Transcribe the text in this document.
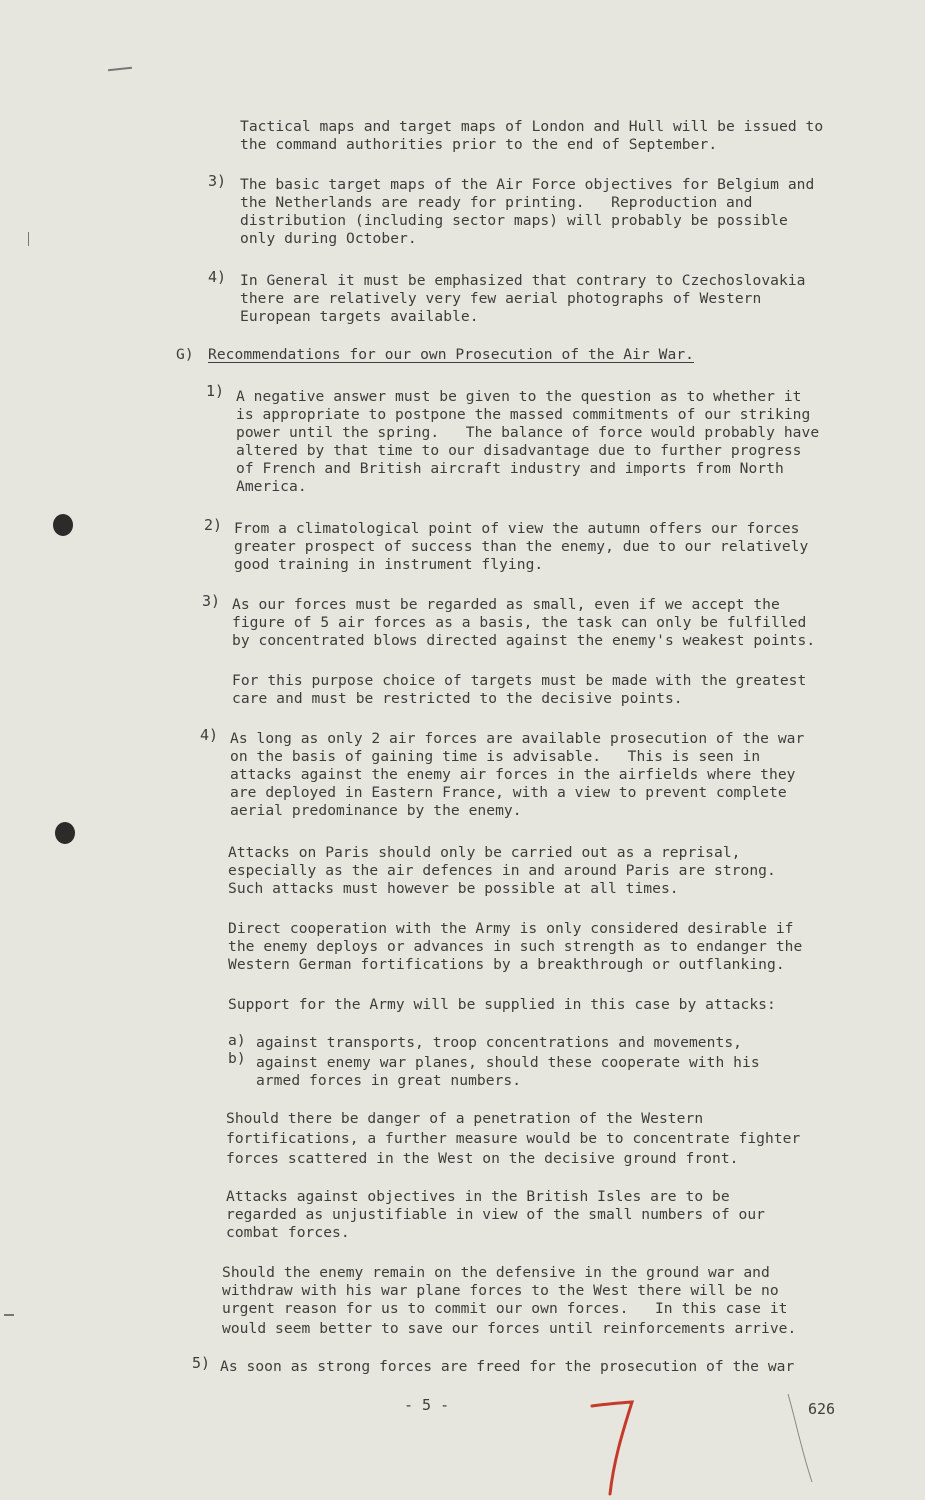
Tactical maps and target maps of London and Hull will be issued to
the command authorities prior to the end of September.
3) The basic target maps of the Air Force objectives for Belgium and
the Netherlands are ready for printing.   Reproduction and
distribution (including sector maps) will probably be possible
only during October.
4) In General it must be emphasized that contrary to Czechoslovakia
there are relatively very few aerial photographs of Western
European targets available.
G) Recommendations for our own Prosecution of the Air War.
1) A negative answer must be given to the question as to whether it
is appropriate to postpone the massed commitments of our striking
power until the spring.   The balance of force would probably have
altered by that time to our disadvantage due to further progress
of French and British aircraft industry and imports from North
America.
2) From a climatological point of view the autumn offers our forces
greater prospect of success than the enemy, due to our relatively
good training in instrument flying.
3) As our forces must be regarded as small, even if we accept the
figure of 5 air forces as a basis, the task can only be fulfilled
by concentrated blows directed against the enemy's weakest points.
For this purpose choice of targets must be made with the greatest
care and must be restricted to the decisive points.
4) As long as only 2 air forces are available prosecution of the war
on the basis of gaining time is advisable.   This is seen in
attacks against the enemy air forces in the airfields where they
are deployed in Eastern France, with a view to prevent complete
aerial predominance by the enemy.
Attacks on Paris should only be carried out as a reprisal,
especially as the air defences in and around Paris are strong.
Such attacks must however be possible at all times.
Direct cooperation with the Army is only considered desirable if
the enemy deploys or advances in such strength as to endanger the
Western German fortifications by a breakthrough or outflanking.
Support for the Army will be supplied in this case by attacks:
a) against transports, troop concentrations and movements,
b) against enemy war planes, should these cooperate with his
armed forces in great numbers.
Should there be danger of a penetration of the Western
fortifications, a further measure would be to concentrate fighter
forces scattered in the West on the decisive ground front.
Attacks against objectives in the British Isles are to be
regarded as unjustifiable in view of the small numbers of our
combat forces.
Should the enemy remain on the defensive in the ground war and
withdraw with his war plane forces to the West there will be no
urgent reason for us to commit our own forces.   In this case it
would seem better to save our forces until reinforcements arrive.
5) As soon as strong forces are freed for the prosecution of the war
- 5 -	626
